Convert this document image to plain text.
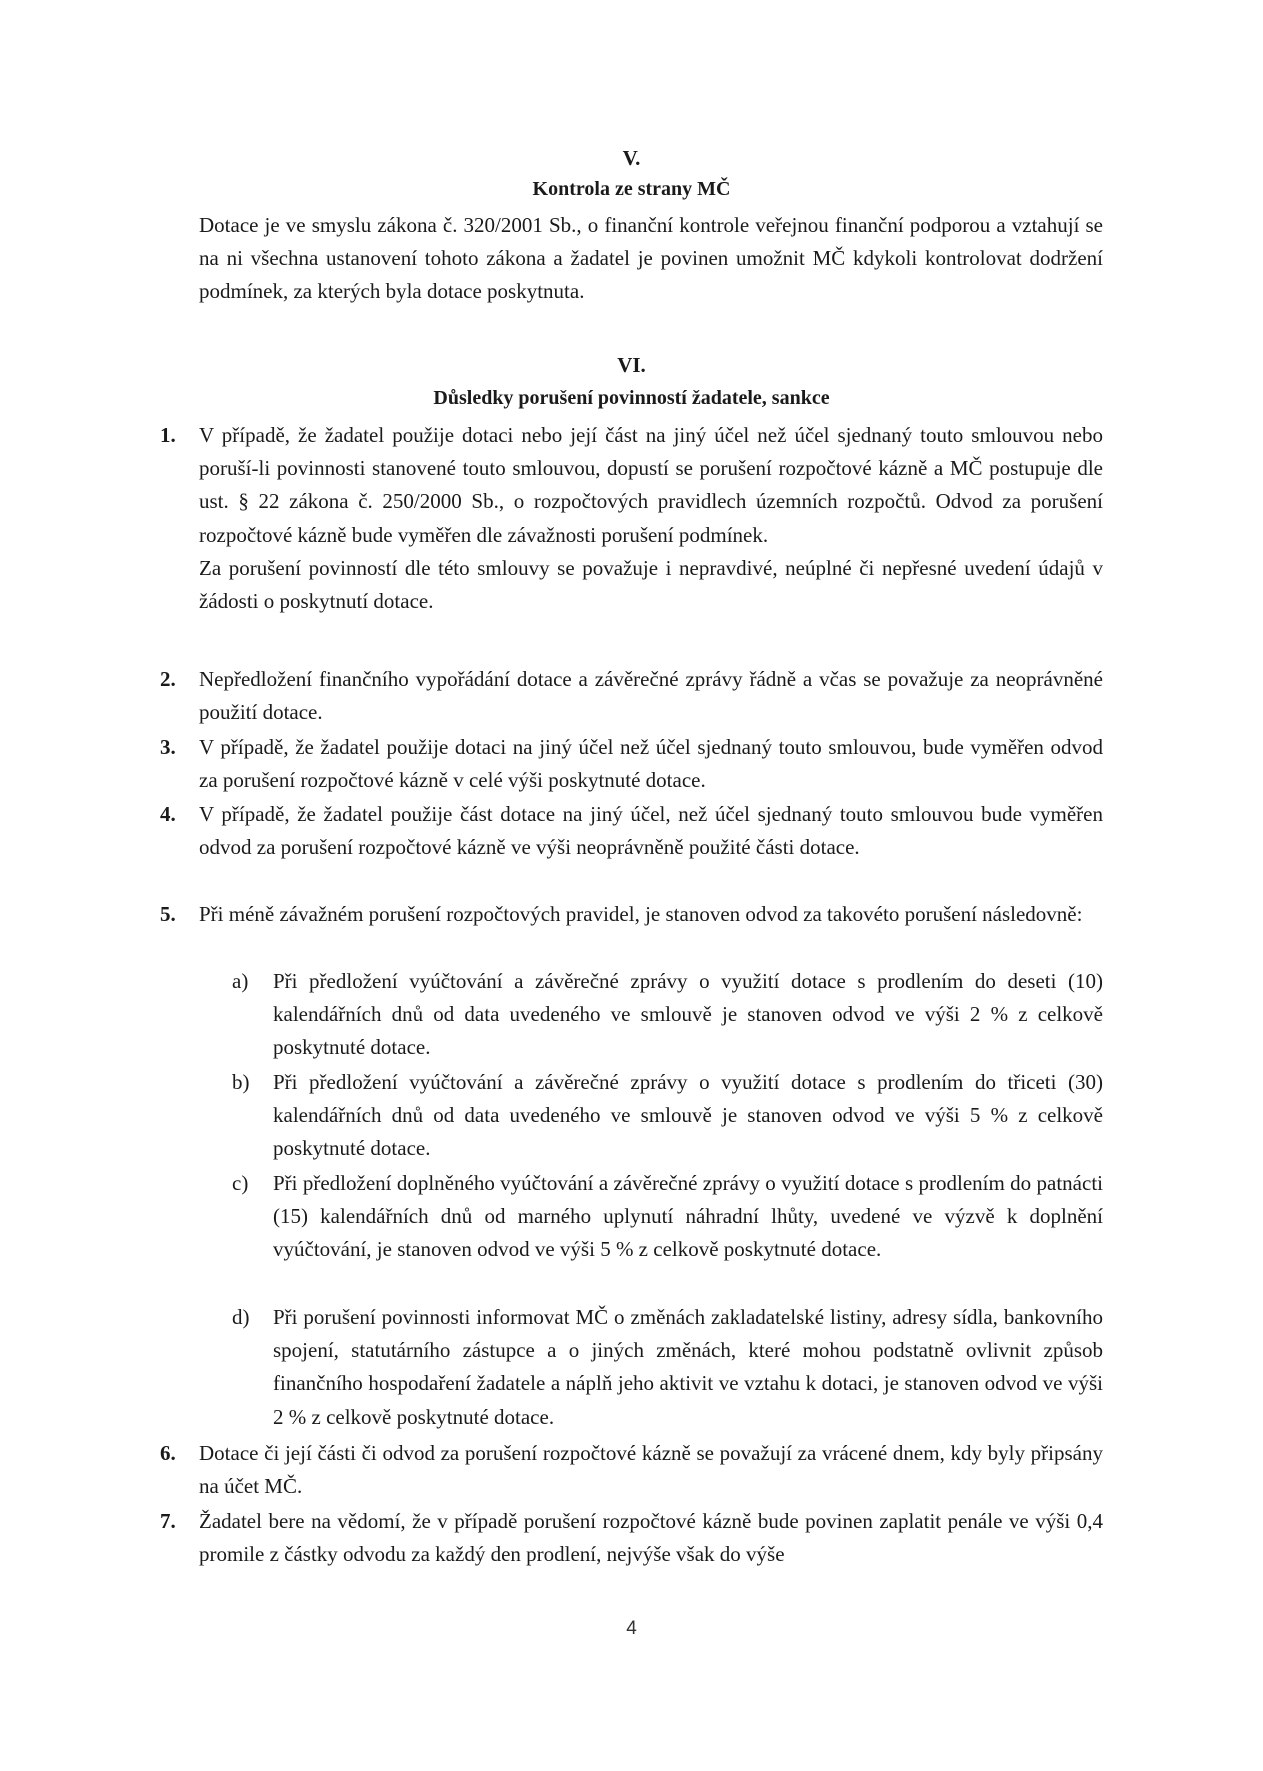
V.
Kontrola ze strany MČ

Dotace je ve smyslu zákona č. 320/2001 Sb., o finanční kontrole veřejnou finanční podporou a vztahují se na ni všechna ustanovení tohoto zákona a žadatel je povinen umožnit MČ kdykoli kontrolovat dodržení podmínek, za kterých byla dotace poskytnuta.

VI.
Důsledky porušení povinností žadatele, sankce
1.	V případě, že žadatel použije dotaci nebo její část na jiný účel než účel sjednaný touto smlouvou nebo poruší-li povinnosti stanovené touto smlouvou, dopustí se porušení rozpočtové kázně a MČ postupuje dle ust. § 22 zákona č. 250/2000 Sb., o rozpočtových pravidlech územních rozpočtů. Odvod za porušení rozpočtové kázně bude vyměřen dle závažnosti porušení podmínek.
Za porušení povinností dle této smlouvy se považuje i nepravdivé, neúplné či nepřesné uvedení údajů v žádosti o poskytnutí dotace.
2.	Nepředložení finančního vypořádání dotace a závěrečné zprávy řádně a včas se považuje za neoprávněné použití dotace.
3.	V případě, že žadatel použije dotaci na jiný účel než účel sjednaný touto smlouvou, bude vyměřen odvod za porušení rozpočtové kázně v celé výši poskytnuté dotace.
4.	V případě, že žadatel použije část dotace na jiný účel, než účel sjednaný touto smlouvou bude vyměřen odvod za porušení rozpočtové kázně ve výši neoprávněně použité části dotace.
5.	Při méně závažném porušení rozpočtových pravidel, je stanoven odvod za takovéto porušení následovně:
a)	Při předložení vyúčtování a závěrečné zprávy o využití dotace s prodlením do deseti (10) kalendářních dnů od data uvedeného ve smlouvě je stanoven odvod ve výši 2 % z celkově poskytnuté dotace.
b)	Při předložení vyúčtování a závěrečné zprávy o využití dotace s prodlením do třiceti (30) kalendářních dnů od data uvedeného ve smlouvě je stanoven odvod ve výši 5 % z celkově poskytnuté dotace.
c)	Při předložení doplněného vyúčtování a závěrečné zprávy o využití dotace s prodlením do patnácti (15) kalendářních dnů od marného uplynutí náhradní lhůty, uvedené ve výzvě k doplnění vyúčtování, je stanoven odvod ve výši 5 % z celkově poskytnuté dotace.
d)	Při porušení povinnosti informovat MČ o změnách zakladatelské listiny, adresy sídla, bankovního spojení, statutárního zástupce a o jiných změnách, které mohou podstatně ovlivnit způsob finančního hospodaření žadatele a náplň jeho aktivit ve vztahu k dotaci, je stanoven odvod ve výši 2 % z celkově poskytnuté dotace.
6.	Dotace či její části či odvod za porušení rozpočtové kázně se považují za vrácené dnem, kdy byly připsány na účet MČ.
7.	Žadatel bere na vědomí, že v případě porušení rozpočtové kázně bude povinen zaplatit penále ve výši 0,4 promile z částky odvodu za každý den prodlení, nejvýše však do výše
4
